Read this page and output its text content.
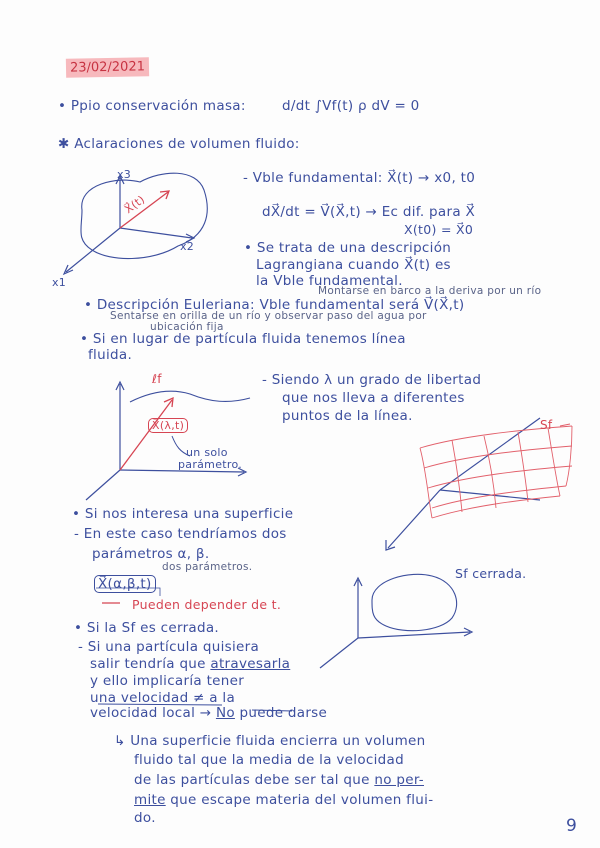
23/02/2021
• Ppio conservación masa:	d/dt ∫Vf(t) ρ dV = 0
✱ Aclaraciones de volumen fluido:
x3
x2
x1
X⃗(t)
- Vble fundamental: X⃗(t) → x0, t0
dX⃗/dt = V⃗(X⃗,t) → Ec dif. para X⃗
X(t0) = X⃗0
• Se trata de una descripción
Lagrangiana cuando X⃗(t) es
la Vble fundamental.
Montarse en barco a la deriva por un río
• Descripción Euleriana: Vble fundamental será V⃗(X⃗,t)
Sentarse en orilla de un río y observar paso del agua por
ubicación fija
• Si en lugar de partícula fluida tenemos línea
fluida.
ℓf
X⃗(λ,t)
un solo
parámetro.
- Siendo λ un grado de libertad
que nos lleva a diferentes
puntos de la línea.
Sf
• Si nos interesa una superficie
- En este caso tendríamos dos
parámetros α, β.
dos parámetros.
X⃗(α,β,t)
Pueden depender de t.
Sf cerrada.
• Si la Sf es cerrada.
- Si una partícula quisiera
salir tendría que atravesarla
y ello implicaría tener
una velocidad ≠ a la
velocidad local → No puede darse
↳ Una superficie fluida encierra un volumen
fluido tal que la media de la velocidad
de las partículas debe ser tal que no per-
mite que escape materia del volumen flui-
do.	9
